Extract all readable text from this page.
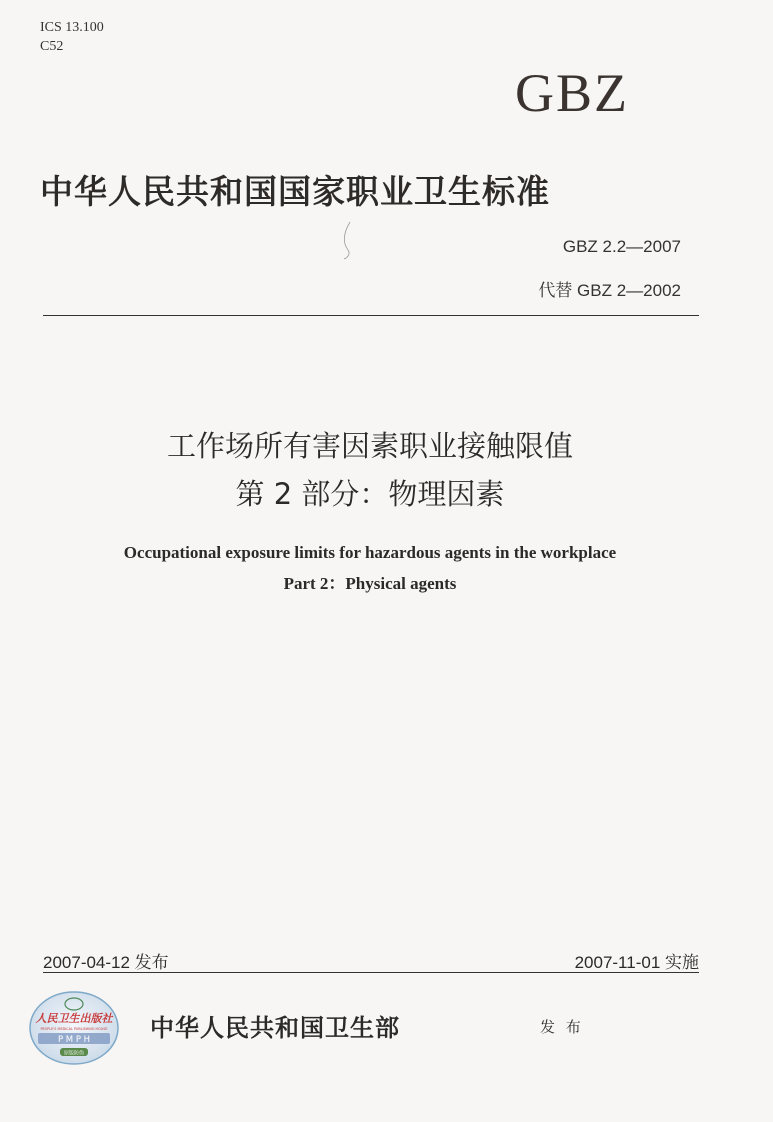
ICS 13.100
C52
GBZ
中华人民共和国国家职业卫生标准
GBZ 2.2—2007
代替 GBZ 2—2002
工作场所有害因素职业接触限值
第 2 部分：物理因素
Occupational exposure limits for hazardous agents in the workplace
Part 2：Physical agents
2007-04-12 发布	2007-11-01 实施
人民卫生出版社
PEOPLE'S MEDICAL PUBLISHING HOUSE
P M P H
原版防伪
中华人民共和国卫生部	发 布
